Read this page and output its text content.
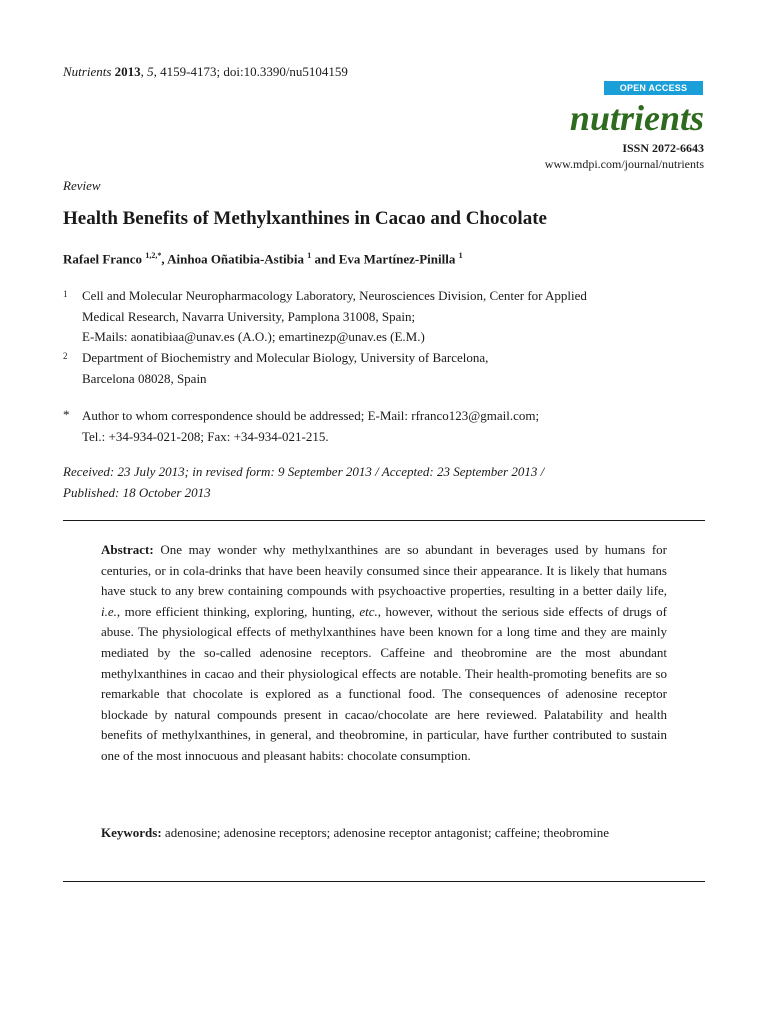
Nutrients 2013, 5, 4159-4173; doi:10.3390/nu5104159
OPEN ACCESS
nutrients
ISSN 2072-6643
www.mdpi.com/journal/nutrients
Review
Health Benefits of Methylxanthines in Cacao and Chocolate
Rafael Franco $^{1,2,*}$, Ainhoa Oñatibia-Astibia $^1$ and Eva Martínez-Pinilla $^1$
1 Cell and Molecular Neuropharmacology Laboratory, Neurosciences Division, Center for Applied
Medical Research, Navarra University, Pamplona 31008, Spain;
E-Mails: aonatibiaa@unav.es (A.O.); emartinezp@unav.es (E.M.)
2 Department of Biochemistry and Molecular Biology, University of Barcelona,
Barcelona 08028, Spain
* Author to whom correspondence should be addressed; E-Mail: rfranco123@gmail.com;
Tel.: +34-934-021-208; Fax: +34-934-021-215.
Received: 23 July 2013; in revised form: 9 September 2013 / Accepted: 23 September 2013 /
Published: 18 October 2013
Abstract: One may wonder why methylxanthines are so abundant in beverages used by humans for centuries, or in cola-drinks that have been heavily consumed since their appearance. It is likely that humans have stuck to any brew containing compounds with psychoactive properties, resulting in a better daily life, i.e., more efficient thinking, exploring, hunting, etc., however, without the serious side effects of drugs of abuse. The physiological effects of methylxanthines have been known for a long time and they are mainly mediated by the so-called adenosine receptors. Caffeine and theobromine are the most abundant methylxanthines in cacao and their physiological effects are notable. Their health-promoting benefits are so remarkable that chocolate is explored as a functional food. The consequences of adenosine receptor blockade by natural compounds present in cacao/chocolate are here reviewed. Palatability and health benefits of methylxanthines, in general, and theobromine, in particular, have further contributed to sustain one of the most innocuous and pleasant habits: chocolate consumption.
Keywords: adenosine; adenosine receptors; adenosine receptor antagonist; caffeine; theobromine
